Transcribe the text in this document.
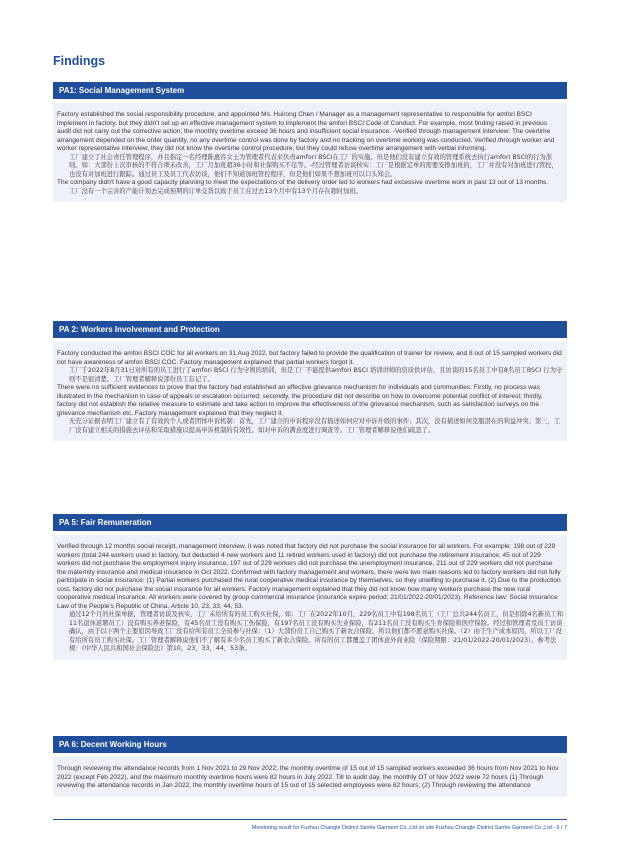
Findings
PA1: Social Management System

Factory established the social responsibility procedure, and appointed Ms. Huirong Chen / Manager as a management representative to responsible for amfori BSCI implement in factory. but they didn't set up an effective management system to implement the amfori BSCI Code of Conduct. For example, most finding raised in previous audit did not carry out the corrective action, the monthly overtime exceed 36 hours and insufficient social insurance. -Verified through management interview: The overtime arrangement depended on the order quantity, no any overtime control was done by factory and no tracking on overtime working was conducted. Verified through worker and worker representative interview, they did not know the overtime control procedure, but they could refuse overtime arrangement with verbal informing.

工厂建立了社会责任管理程序，并且指定一名经理陈惠容女士为管理者代表来负责amfori BSCI在工厂的实施。但是他们没有建立有效的管理系统去执行amfori BSCI的行为准则。如：大部份上次审核的不符合项未改善，工厂月加班超36小时和社保购买不足等。-经过管理者访谈核实：工厂是根据定单的需要安排加班的，工厂并没有对加班进行管控，也没有对加班进行跟踪。通过员工及员工代表访谈，他们不知道加班管控程序，但是他们如果不想加班可以口头知会。

The company didn't have a good capacity planning to meet the expectations of the delivery order led to workers had excessive overtime work in past 13 out of 13 months.

工厂没有一个完善的产能计划去完成预期的订单交货以致于员工在过去13个月中有13个月存在超时加班。

PA 2: Workers Involvement and Protection

Factory conducted the amfori BSCI COC for all workers on 31 Aug 2022, but factory failed to provide the qualification of trainer for review, and 8 out of 15 sampled workers did not have awareness of amfori BSCI COC. Factory management explained that partial workers forgot it.

工厂于2022年8月31日对所有的员工进行了amfori BSCI 行为守则的培训，但是工厂不能提供amfori BSCI 培训讲师的资质供评估，且访谈的15名员工中有8名员工BSCI 行为守则不是很清楚。工厂管理者解释说部份员工忘记了。

There were no sufficient evidences to prove that the factory had established an effective grievance mechanism for individuals and communities: Firstly, no process was illustrated in the mechanism in case of appeals or escalation occurred; secondly, the procedure did not describe on how to overcome potential conflict of interest; thirdly, factory did not establish the relative measure to estimate and take action to improve the effectiveness of the grievance mechanism, such as satisfaction surveys on the grievance mechanism etc. Factory management explained that they neglect it.

无充分证据表明工厂建立有了有效的个人或者团体申诉机制：首先，工厂建立的申诉程序没有描述如何应对申诉升级的事件；其次，没有描述如何克服潜在的利益冲突；第三，工厂没有建立相关的措施去评估和采取措施以提高申诉机制的有效性。如对申诉的满意度进行调查等。工厂管理者解释说他们疏忽了。

PA 5: Fair Remuneration

Verified through 12 months social receipt, management interview, it was noted that factory did not purchase the social insurance for all workers. For example: 198 out of 229 workers (total 244 workers used in factory, but deducted 4 new workers and 11 retired workers used in factory) did not purchase the retirement insurance, 45 out of 229 workers did not purchase the employment injury insurance, 197 out of 229 workers did not purchase the unemployment insurance, 211 out of 229 workers did not purchase the maternity insurance and medical insurance in Oct 2022. Confirmed with factory management and workers, there were two main reasons led to factory workers did not fully participate in social insurance: (1) Partial workers purchased the rural cooperative medical insurance by themselves, so they unwilling to purchase it. (2) Due to the production cost, factory did not purchase the social insurance for all workers. Factory management explained that they did not know how many workers purchase the new rural cooperative medical insurance. All workers were covered by group commercial insurance (insurance expire period: 21/01/2022-20/01/2023). Reference law: Social Insurance Law of the People's Republic of China, Article 10, 23, 33, 44, 53.

通过12个月的社保单据，管理者访谈及核实，工厂未给所有的员工购买社保，如：工厂在2022年10月，229名员工中有198名员工（工厂总共244名员工，但是扣除4名新员工和11名退休返聘员工）没有购买养老保险，有45名员工没有购买工伤保险，有197名员工没有购买失业保险，有211名员工没有购买生育保险和医疗保险。经过和管理者及员工访谈确认，由于以下两个主要原因导致工厂没有给所有员工全员参与社保：（1）大部份员工自己购买了新农合保险，所以他们都不愿意购买社保。（2）由于生产成本原因，所以工厂没有给所有员工购买社保。工厂管理者解释说他们不了解有多少名员工购买了新农合保险。所有的员工都覆盖了团体意外商业险（保险期限：21/01/2022-20/01/2023）。参考法规：《中华人民共和国社会保险法》第10，23，33，44，53条。

PA 6: Decent Working Hours

Through reviewing the attendance records from 1 Nov 2021 to 29 Nov 2022, the monthly overtime of 15 out of 15 sampled workers exceeded 36 hours from Nov 2021 to Nov 2022 (except Feb 2022), and the maximum monthly overtime hours were 82 hours in July 2022. Till to audit day, the monthly OT of Nov 2022 were 72 hours (1) Through reviewing the attendance records in Jan 2022, the monthly overtime hours of 15 out of 15 selected employees were 62 hours; (2) Through reviewing the attendance

Monitoring result for Fuzhou Changle District Sanhe Garment Co.,Ltd on site Fuzhou Changle District Sanhe Garment Co.,Ltd - 6 / 7
